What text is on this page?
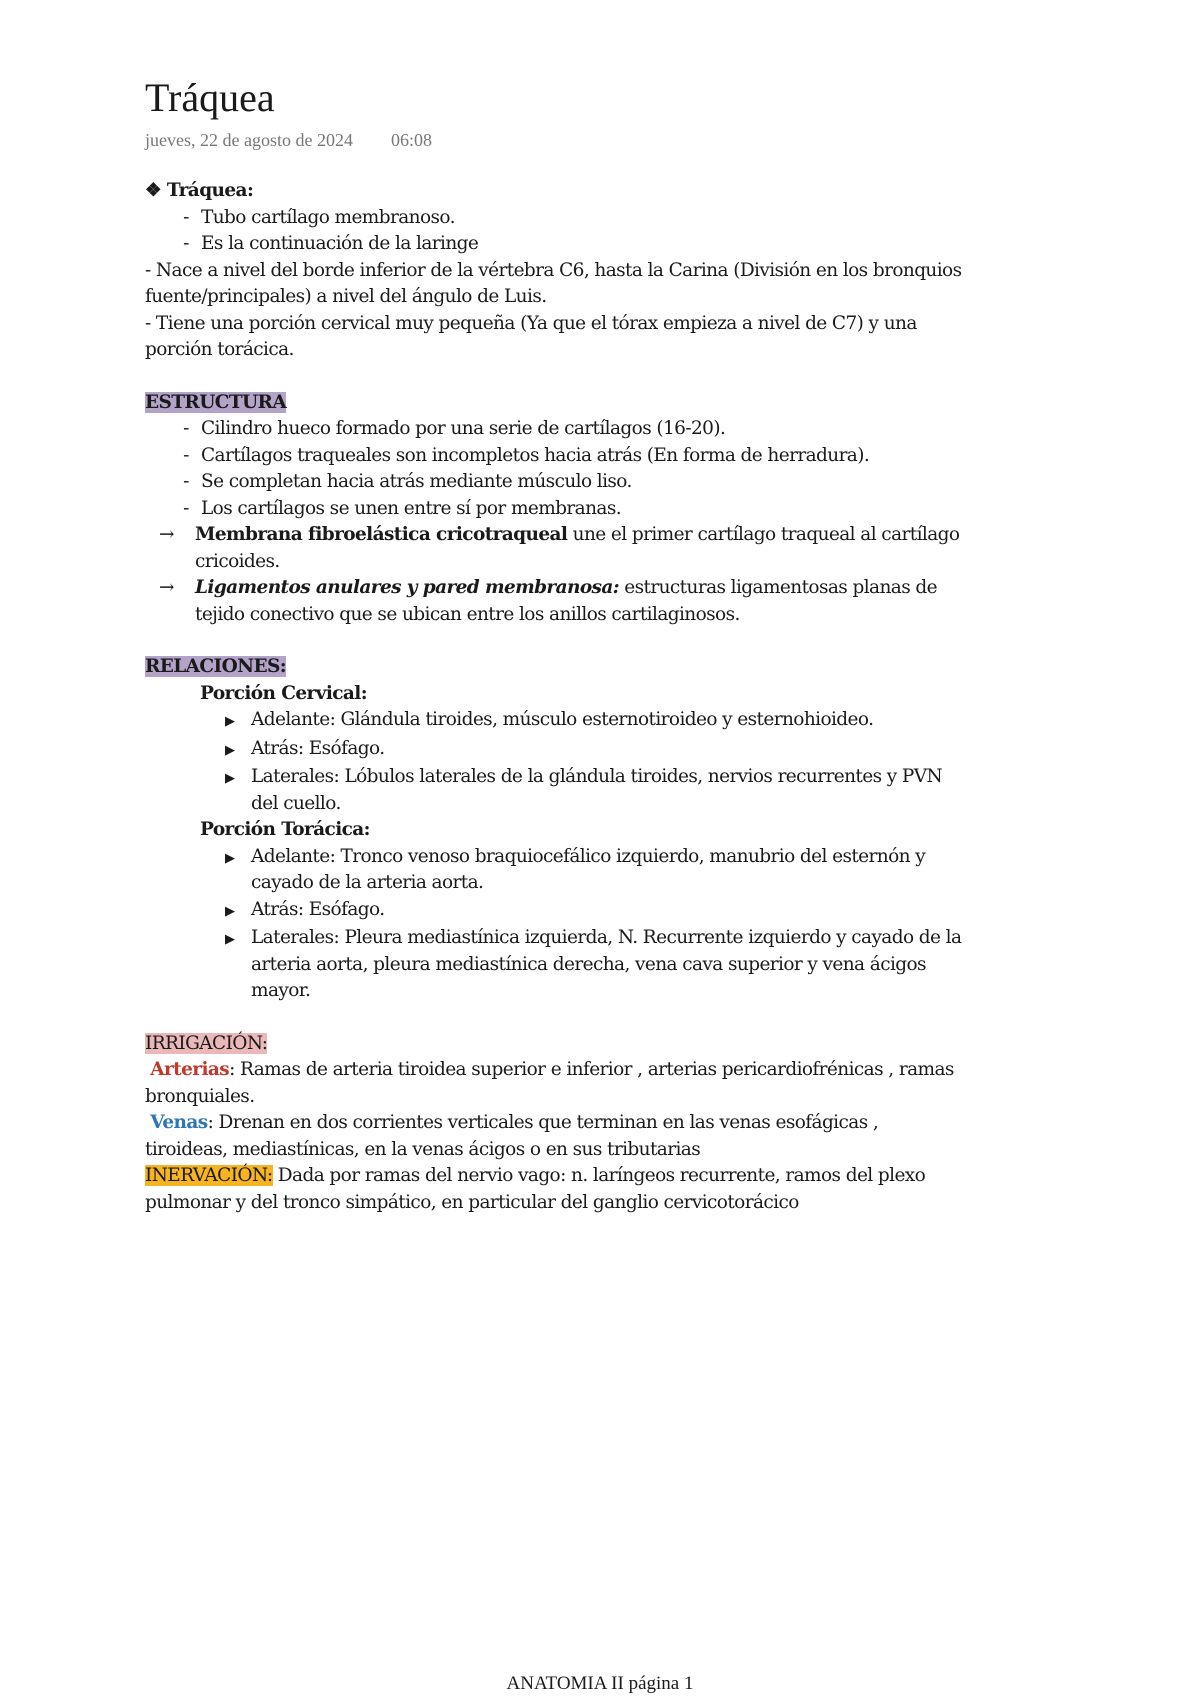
Tráquea
jueves, 22 de agosto de 2024 06:08
❖ Tráquea:
- Tubo cartílago membranoso.
- Es la continuación de la laringe
- Nace a nivel del borde inferior de la vértebra C6, hasta la Carina (División en los bronquios fuente/principales) a nivel del ángulo de Luis.
- Tiene una porción cervical muy pequeña (Ya que el tórax empieza a nivel de C7) y una porción torácica.
ESTRUCTURA
- Cilindro hueco formado por una serie de cartílagos (16-20).
- Cartílagos traqueales son incompletos hacia atrás (En forma de herradura).
- Se completan hacia atrás mediante músculo liso.
- Los cartílagos se unen entre sí por membranas.
→	Membrana fibroelástica cricotraqueal une el primer cartílago traqueal al cartílago cricoides.
→	Ligamentos anulares y pared membranosa: estructuras ligamentosas planas de tejido conectivo que se ubican entre los anillos cartilaginosos.
RELACIONES:
Porción Cervical:
▶ Adelante: Glándula tiroides, músculo esternotiroideo y esternohioideo.
▶ Atrás: Esófago.
▶ Laterales: Lóbulos laterales de la glándula tiroides, nervios recurrentes y PVN del cuello.
Porción Torácica:
▶ Adelante: Tronco venoso braquiocefálico izquierdo, manubrio del esternón y cayado de la arteria aorta.
▶ Atrás: Esófago.
▶ Laterales: Pleura mediastínica izquierda, N. Recurrente izquierdo y cayado de la arteria aorta, pleura mediastínica derecha, vena cava superior y vena ácigos mayor.
IRRIGACIÓN:
Arterias: Ramas de arteria tiroidea superior e inferior , arterias pericardiofrénicas , ramas bronquiales.
Venas: Drenan en dos corrientes verticales que terminan en las venas esofágicas , tiroideas, mediastínicas, en la venas ácigos o en sus tributarias
INERVACIÓN: Dada por ramas del nervio vago: n. laríngeos recurrente, ramos del plexo pulmonar y del tronco simpático, en particular del ganglio cervicotorácico
ANATOMIA II página 1
